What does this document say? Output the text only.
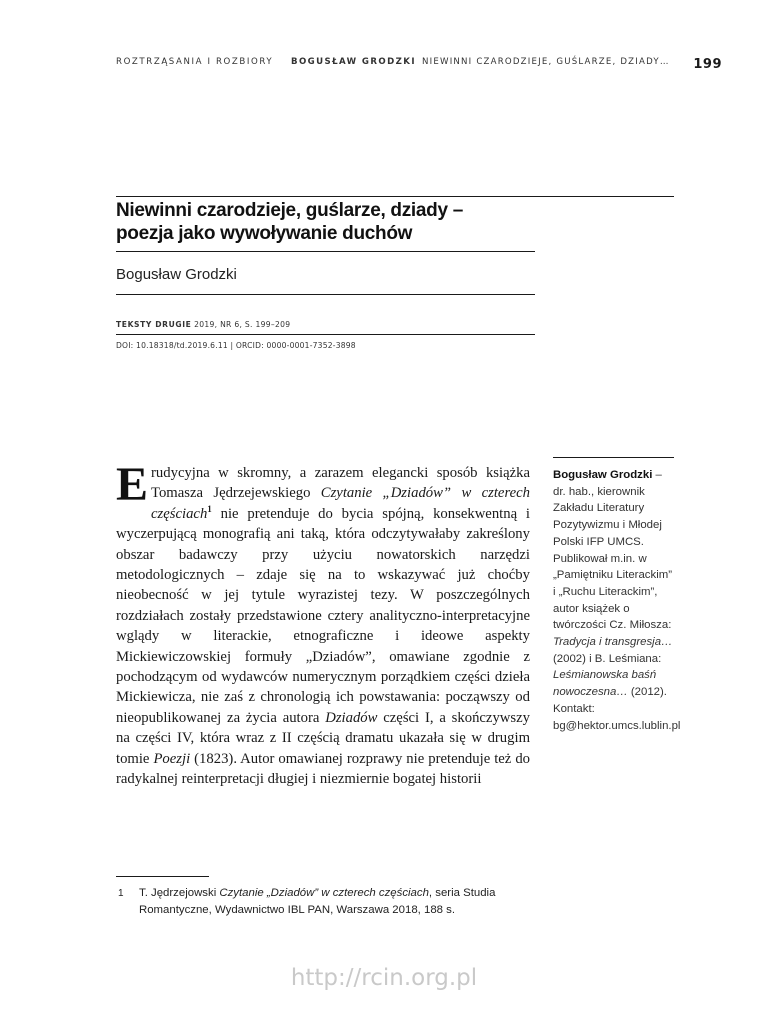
ROZTRZĄSANIA I ROZBIORY BOGUSŁAW GRODZKI NIEWINNI CZARODZIEJE, GUŚLARZE, DZIADY… 199
Niewinni czarodzieje, guślarze, dziady –
poezja jako wywoływanie duchów
Bogusław Grodzki
TEKSTY DRUGIE 2019, NR 6, S. 199–209
DOI: 10.18318/td.2019.6.11 | ORCID: 0000-0001-7352-3898

Erudycyjna w skromny, a zarazem elegancki sposób książka Tomasza Jędrzejewskiego Czytanie „Dziadów” w czterech częściach$^1$ nie pretenduje do bycia spójną, konsekwentną i wyczerpującą monografią ani taką, która odczytywałaby zakreślony obszar badawczy przy użyciu nowatorskich narzędzi metodologicznych – zdaje się na to wskazywać już choćby nieobecność w jej tytule wyrazistej tezy. W poszczególnych rozdziałach zostały przedstawione cztery analityczno-interpretacyjne wglądy w literackie, etnograficzne i ideowe aspekty Mickiewiczowskiej formuły „Dziadów”, omawiane zgodnie z pochodzącym od wydawców numerycznym porządkiem części dzieła Mickiewicza, nie zaś z chronologią ich powstawania: począwszy od nieopublikowanej za życia autora Dziadów części I, a skończywszy na części IV, która wraz z II częścią dramatu ukazała się w drugim tomie Poezji (1823). Autor omawianej rozprawy nie pretenduje też do radykalnej reinterpretacji długiej i niezmiernie bogatej historii

Bogusław Grodzki – dr. hab., kierownik Zakładu Literatury Pozytywizmu i Młodej Polski IFP UMCS. Publikował m.in. w „Pamiętniku Literackim” i „Ruchu Literackim”, autor książek o twórczości Cz. Miłosza: Tradycja i transgresja… (2002) i B. Leśmiana: Leśmianowska baśń nowoczesna… (2012). Kontakt: bg@hektor.umcs.lublin.pl
1 T. Jędrzejowski Czytanie „Dziadów” w czterech częściach, seria Studia Romantyczne, Wydawnictwo IBL PAN, Warszawa 2018, 188 s.
http://rcin.org.pl
